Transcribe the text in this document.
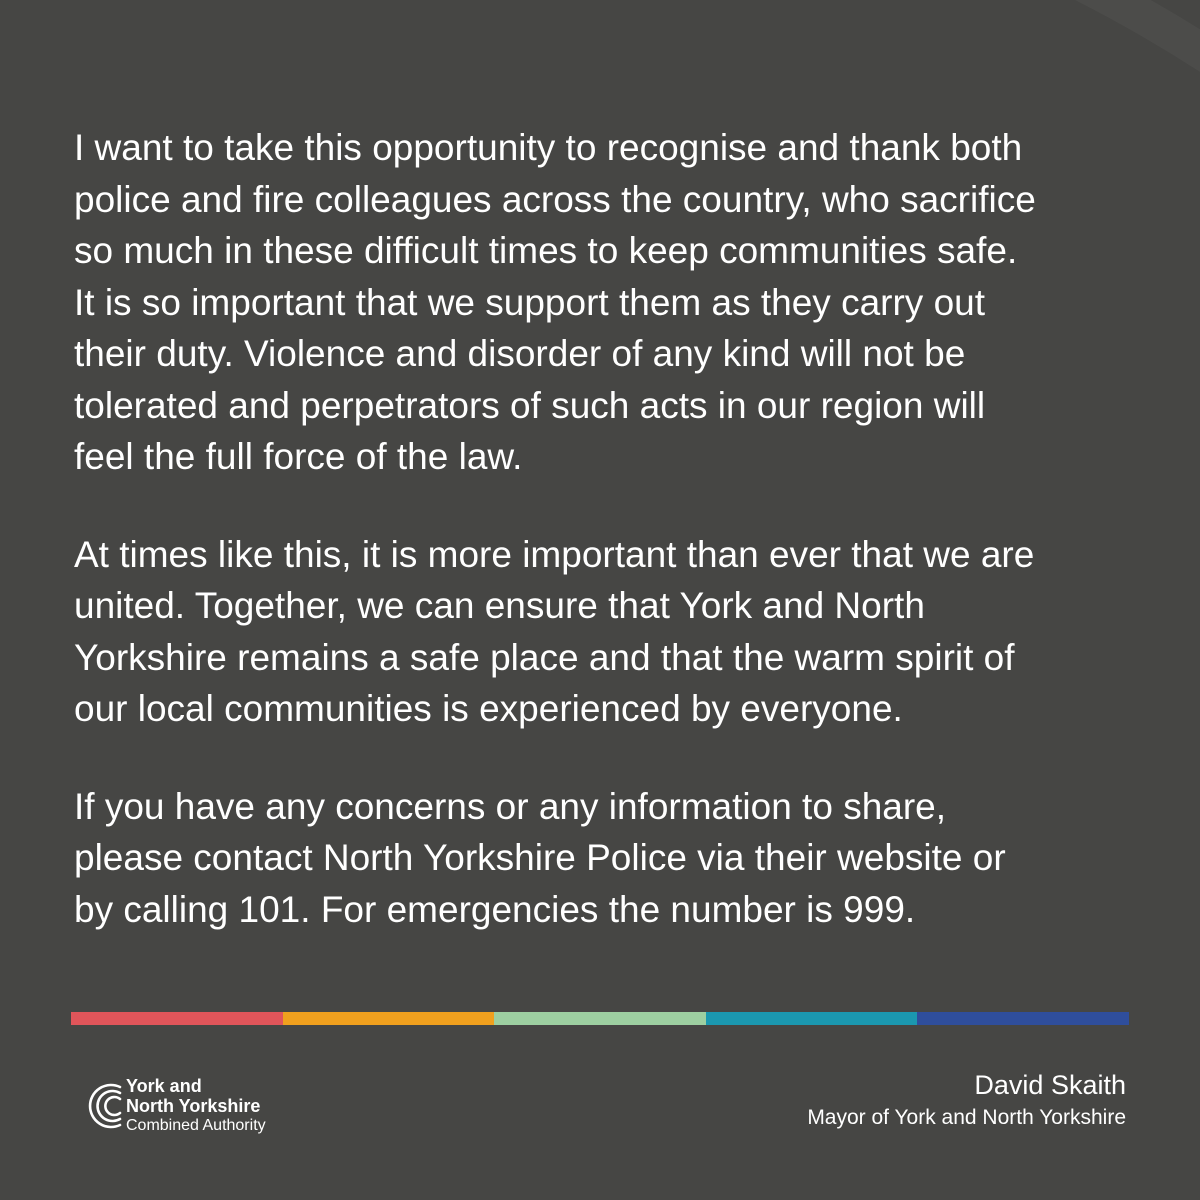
I want to take this opportunity to recognise and thank both
police and fire colleagues across the country, who sacrifice
so much in these difficult times to keep communities safe.
It is so important that we support them as they carry out
their duty. Violence and disorder of any kind will not be
tolerated and perpetrators of such acts in our region will
feel the full force of the law.

At times like this, it is more important than ever that we are
united. Together, we can ensure that York and North
Yorkshire remains a safe place and that the warm spirit of
our local communities is experienced by everyone.

If you have any concerns or any information to share,
please contact North Yorkshire Police via their website or
by calling 101. For emergencies the number is 999.

York and
North Yorkshire
Combined Authority
David Skaith
Mayor of York and North Yorkshire
